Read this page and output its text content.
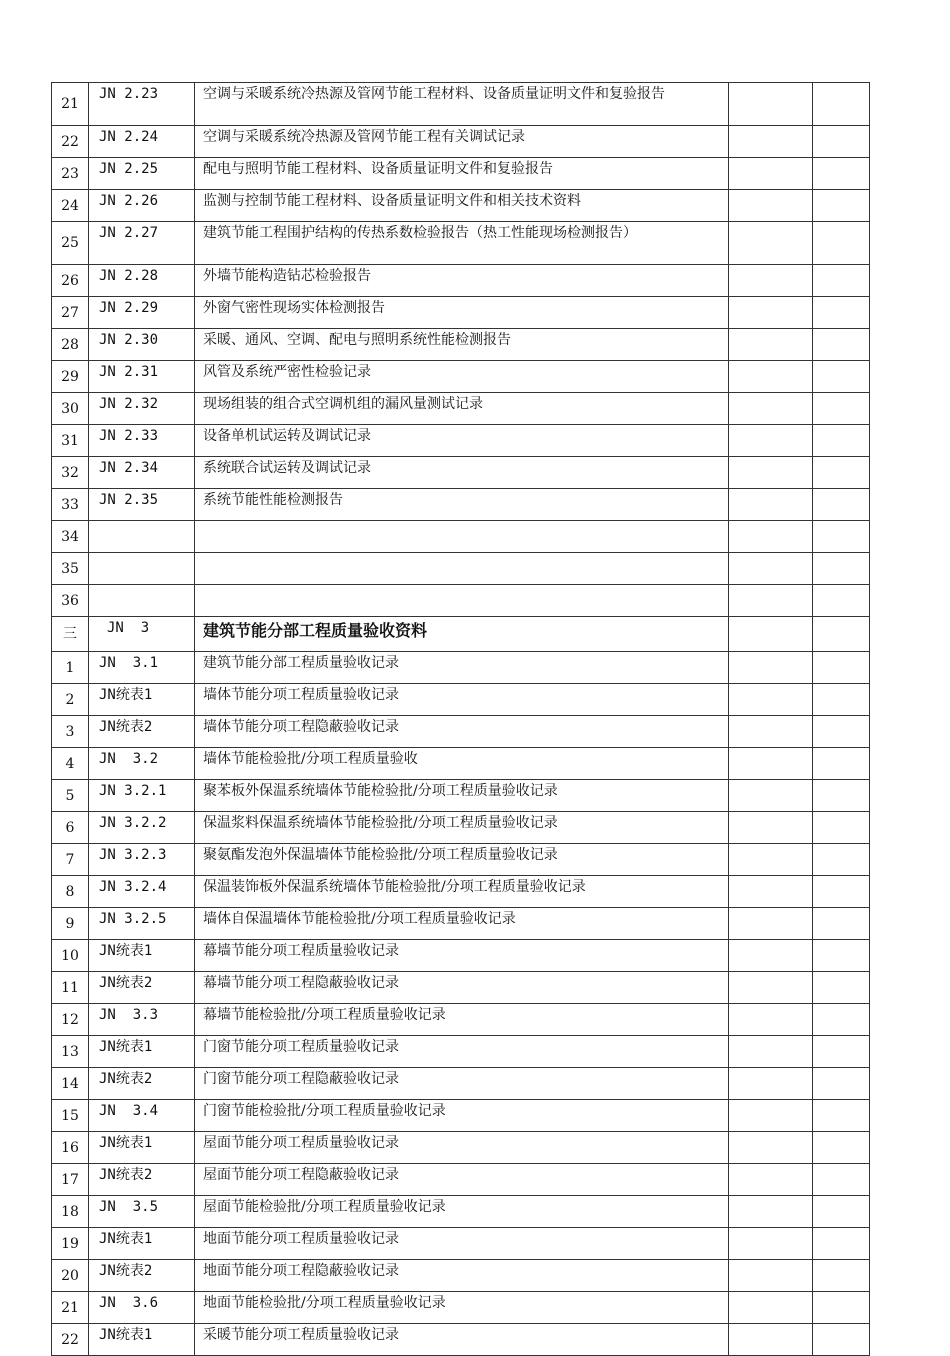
21	JN 2.23	空调与采暖系统冷热源及管网节能工程材料、设备质量证明文件和复验报告		
22	JN 2.24	空调与采暖系统冷热源及管网节能工程有关调试记录		
23	JN 2.25	配电与照明节能工程材料、设备质量证明文件和复验报告		
24	JN 2.26	监测与控制节能工程材料、设备质量证明文件和相关技术资料		
25	JN 2.27	建筑节能工程围护结构的传热系数检验报告（热工性能现场检测报告）		
26	JN 2.28	外墙节能构造钻芯检验报告		
27	JN 2.29	外窗气密性现场实体检测报告		
28	JN 2.30	采暖、通风、空调、配电与照明系统性能检测报告		
29	JN 2.31	风管及系统严密性检验记录		
30	JN 2.32	现场组装的组合式空调机组的漏风量测试记录		
31	JN 2.33	设备单机试运转及调试记录		
32	JN 2.34	系统联合试运转及调试记录		
33	JN 2.35	系统节能性能检测报告		
34				
35				
36				
三	JN  3	建筑节能分部工程质量验收资料		
1	JN  3.1	建筑节能分部工程质量验收记录		
2	JN统表1	墙体节能分项工程质量验收记录		
3	JN统表2	墙体节能分项工程隐蔽验收记录		
4	JN  3.2	墙体节能检验批/分项工程质量验收		
5	JN 3.2.1	聚苯板外保温系统墙体节能检验批/分项工程质量验收记录		
6	JN 3.2.2	保温浆料保温系统墙体节能检验批/分项工程质量验收记录		
7	JN 3.2.3	聚氨酯发泡外保温墙体节能检验批/分项工程质量验收记录		
8	JN 3.2.4	保温装饰板外保温系统墙体节能检验批/分项工程质量验收记录		
9	JN 3.2.5	墙体自保温墙体节能检验批/分项工程质量验收记录		
10	JN统表1	幕墙节能分项工程质量验收记录		
11	JN统表2	幕墙节能分项工程隐蔽验收记录		
12	JN  3.3	幕墙节能检验批/分项工程质量验收记录		
13	JN统表1	门窗节能分项工程质量验收记录		
14	JN统表2	门窗节能分项工程隐蔽验收记录		
15	JN  3.4	门窗节能检验批/分项工程质量验收记录		
16	JN统表1	屋面节能分项工程质量验收记录		
17	JN统表2	屋面节能分项工程隐蔽验收记录		
18	JN  3.5	屋面节能检验批/分项工程质量验收记录		
19	JN统表1	地面节能分项工程质量验收记录		
20	JN统表2	地面节能分项工程隐蔽验收记录		
21	JN  3.6	地面节能检验批/分项工程质量验收记录		
22	JN统表1	采暖节能分项工程质量验收记录		
